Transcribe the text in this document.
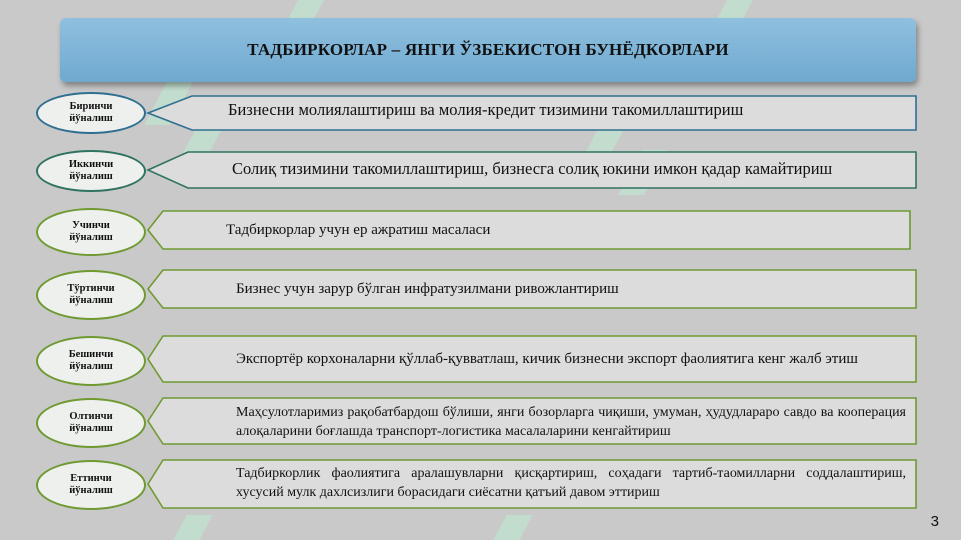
ТАДБИРКОРЛАР – ЯНГИ ЎЗБЕКИСТОН БУНЁДКОРЛАРИ
Биринчи
йўналиш	Бизнесни молиялаштириш ва молия-кредит тизимини такомиллаштириш
Иккинчи
йўналиш	Солиқ тизимини такомиллаштириш, бизнесга солиқ юкини имкон қадар камайтириш
Учинчи
йўналиш	Тадбиркорлар учун ер ажратиш масаласи
Тўртинчи
йўналиш
Бизнес учун зарур бўлган инфратузилмани ривожлантириш
Бешинчи
йўналиш	Экспортёр корхоналарни қўллаб-қувватлаш, кичик бизнесни экспорт фаолиятига кенг жалб этиш
Олтинчи
йўналиш
Маҳсулотларимиз рақобатбардош бўлиши, янги бозорларга чиқиши, умуман, ҳудудлараро савдо ва кооперация алоқаларини боғлашда транспорт-логистика масалаларини кенгайтириш
Еттинчи
йўналиш
Тадбиркорлик фаолиятига аралашувларни қисқартириш, соҳадаги тартиб-таомилларни соддалаштириш, хусусий мулк дахлсизлиги борасидаги сиёсатни қатъий давом эттириш
3
